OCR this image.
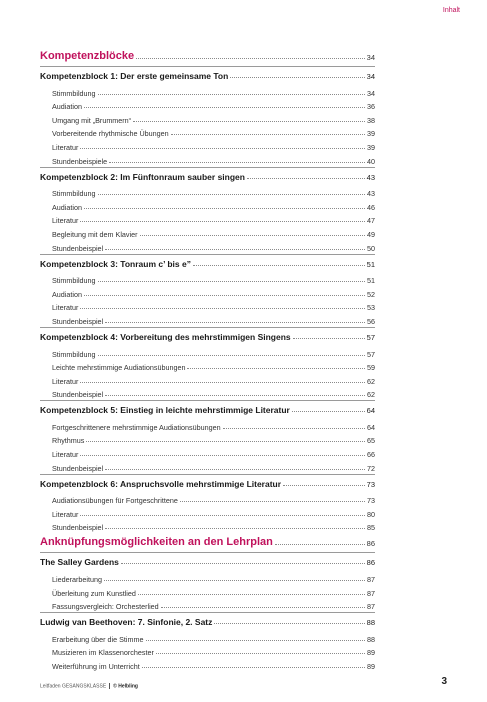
Inhalt
Kompetenzblöcke	34
Kompetenzblock 1: Der erste gemeinsame Ton	34
Stimmbildung	34
Audiation	36
Umgang mit „Brummern“	38
Vorbereitende rhythmische Übungen	39
Literatur	39
Stundenbeispiele	40
Kompetenzblock 2: Im Fünftonraum sauber singen	43
Stimmbildung	43
Audiation	46
Literatur	47
Begleitung mit dem Klavier	49
Stundenbeispiel	50
Kompetenzblock 3: Tonraum c’ bis e”	51
Stimmbildung	51
Audiation	52
Literatur	53
Stundenbeispiel	56
Kompetenzblock 4: Vorbereitung des mehrstimmigen Singens	57
Stimmbildung	57
Leichte mehrstimmige Audiationsübungen	59
Literatur	62
Stundenbeispiel	62
Kompetenzblock 5: Einstieg in leichte mehrstimmige Literatur	64
Fortgeschrittenere mehrstimmige Audiationsübungen	64
Rhythmus	65
Literatur	66
Stundenbeispiel	72
Kompetenzblock 6: Anspruchsvolle mehrstimmige Literatur	73
Audiationsübungen für Fortgeschrittene	73
Literatur	80
Stundenbeispiel	85
Anknüpfungsmöglichkeiten an den Lehrplan	86
The Salley Gardens	86
Liederarbeitung	87
Überleitung zum Kunstlied	87
Fassungsvergleich: Orchesterlied	87
Ludwig van Beethoven: 7. Sinfonie, 2. Satz	88
Erarbeitung über die Stimme	88
Musizieren im Klassenorchester	89
Weiterführung im Unterricht	89
Leitfaden GESANGSKLASSE © Helbling	3
